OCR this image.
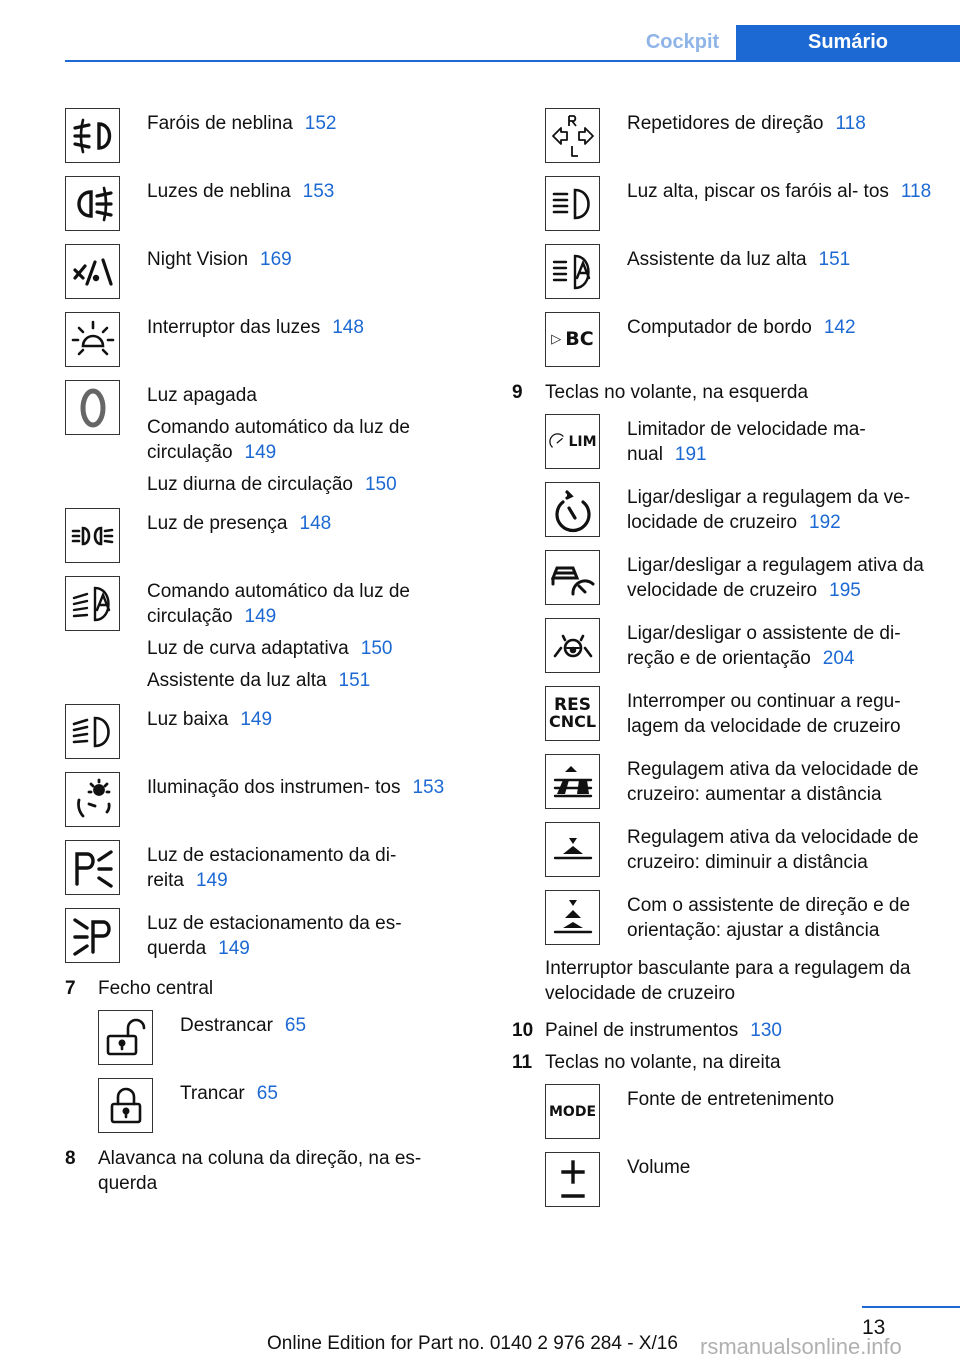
Cockpit	Sumário

Faróis de neblina 152

Luzes de neblina 153

Night Vision 169

Interruptor das luzes 148

Luz apagada

Comando automático da luz de circulação 149

Luz diurna de circulação 150

Luz de presença 148

Comando automático da luz de circulação 149

Luz de curva adaptativa 150

Assistente da luz alta 151

Luz baixa 149

Iluminação dos instrumen‐ tos 153

Luz de estacionamento da di‐ reita 149

Luz de estacionamento da es‐ querda 149

7	Fecho central

Destrancar 65

Trancar 65

8	Alavanca na coluna da direção, na es‐ querda

Repetidores de direção 118

Luz alta, piscar os faróis al‐ tos 118

Assistente da luz alta 151

▷ BC

Computador de bordo 142

9	Teclas no volante, na esquerda
LIM

Limitador de velocidade ma‐ nual 191

Ligar/desligar a regulagem da ve‐ locidade de cruzeiro 192

Ligar/desligar a regulagem ativa da velocidade de cruzeiro 195

Ligar/desligar o assistente de di‐ reção e de orientação 204

RES
CNCL

Interromper ou continuar a regu‐ lagem da velocidade de cruzeiro

Regulagem ativa da velocidade de cruzeiro: aumentar a distância

Regulagem ativa da velocidade de cruzeiro: diminuir a distância

Com o assistente de direção e de orientação: ajustar a distância

Interruptor basculante para a regulagem da velocidade de cruzeiro
10 Painel de instrumentos 130
11 Teclas no volante, na direita
MODE

Fonte de entretenimento

Volume

13
Online Edition for Part no. 0140 2 976 284 - X/16 rsmanualsonline.info
